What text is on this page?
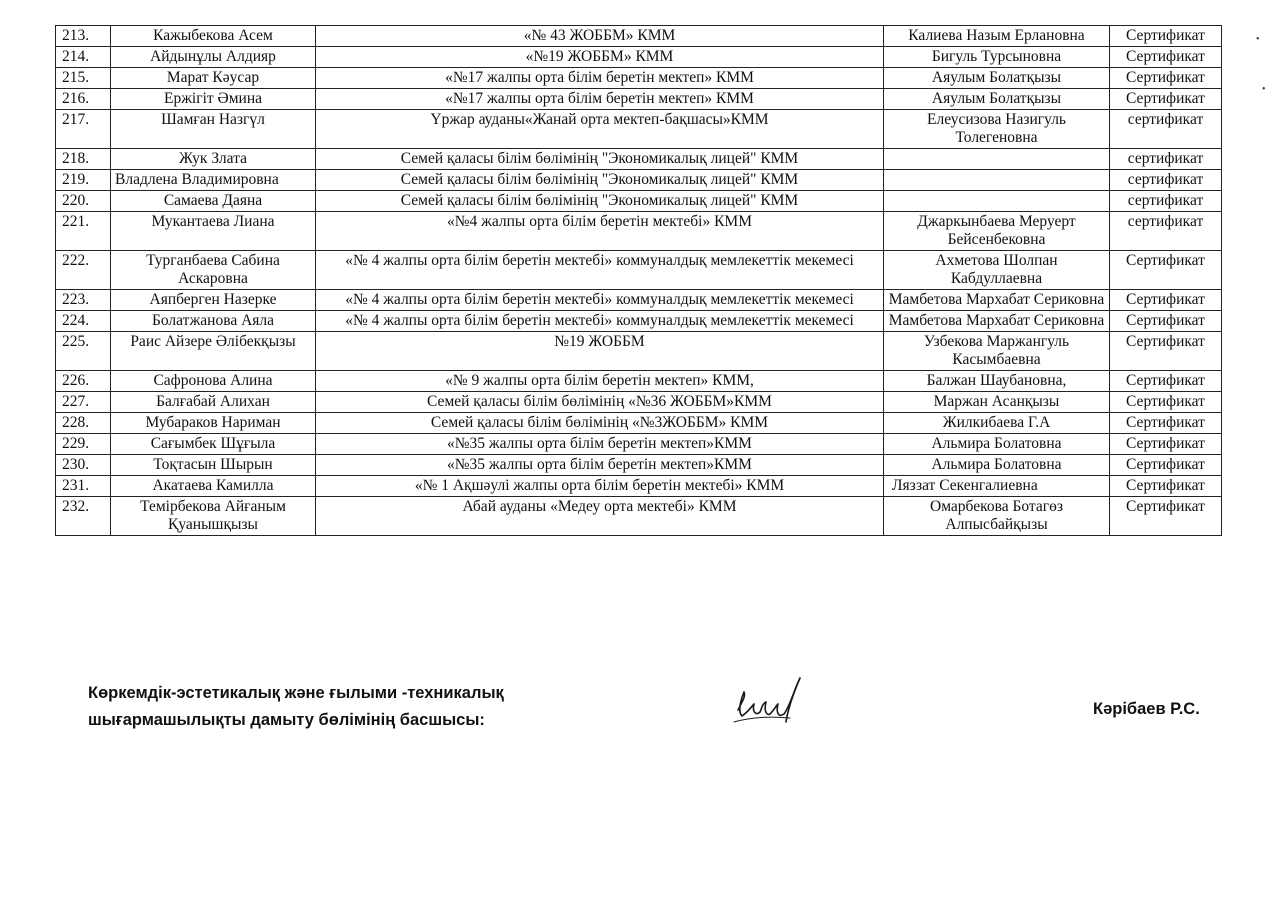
213.	Кажыбекова Асем	«№ 43 ЖОББМ» КММ	Калиева Назым Ерлановна	Сертификат
214.	Айдынұлы Алдияр	«№19 ЖОББМ» КММ	Бигуль Турсыновна	Сертификат
215.	Марат Кәусар	«№17 жалпы орта білім беретін мектеп» КММ	Аяулым Болатқызы	Сертификат
216.	Ержігіт Әмина	«№17 жалпы орта білім беретін мектеп» КММ	Аяулым Болатқызы	Сертификат
217.	Шамған Назгүл	Үржар ауданы«Жанай орта мектеп-бақшасы»КММ	Елеусизова Назигуль Толегеновна	сертификат
218.	Жук Злата	Семей қаласы білім бөлімінің "Экономикалық лицей" КММ		сертификат
219.	Владлена Владимировна	Семей қаласы білім бөлімінің "Экономикалық лицей" КММ		сертификат
220.	Самаева Даяна	Семей қаласы білім бөлімінің "Экономикалық лицей" КММ		сертификат
221.	Мукантаева Лиана	«№4 жалпы орта білім беретін мектебі» КММ	Джаркынбаева Меруерт Бейсенбековна	сертификат
222.	Турганбаева Сабина Аскаровна	«№ 4 жалпы орта білім беретін мектебі» коммуналдық мемлекеттік мекемесі	Ахметова Шолпан Кабдуллаевна	Сертификат
223.	Аяпберген Назерке	«№ 4 жалпы орта білім беретін мектебі» коммуналдық мемлекеттік мекемесі	Мамбетова Мархабат Сериковна	Сертификат
224.	Болатжанова Аяла	«№ 4 жалпы орта білім беретін мектебі» коммуналдық мемлекеттік мекемесі	Мамбетова Мархабат Сериковна	Сертификат
225.	Раис Айзере Әлібекқызы	№19 ЖОББМ	Узбекова Маржангуль Касымбаевна	Сертификат
226.	Сафронова Алина	«№ 9 жалпы орта білім беретін мектеп» КММ,	Балжан Шаубановна,	Сертификат
227.	Балғабай Алихан	Семей қаласы білім бөлімінің «№36 ЖОББМ»КММ	Маржан Асанқызы	Сертификат
228.	Мубараков Нариман	Семей қаласы білім бөлімінің «№3ЖОББМ» КММ	Жилкибаева Г.А	Сертификат
229.	Сағымбек Шұғыла	«№35 жалпы орта білім беретін мектеп»КММ	Альмира Болатовна	Сертификат
230.	Тоқтасын Шырын	«№35 жалпы орта білім беретін мектеп»КММ	Альмира Болатовна	Сертификат
231.	Акатаева Камилла	«№ 1 Ақшәулі жалпы орта білім беретін мектебі» КММ	Ляззат Секенгалиевна	Сертификат
232.	Темірбекова Айғаным Қуанышқызы	Абай ауданы «Медеу орта мектебі» КММ	Омарбекова Ботагөз Алпысбайқызы	Сертификат
Көркемдік-эстетикалық және ғылыми -техникалық
шығармашылықты дамыту бөлімінің басшысы:
Кәрібаев Р.С.
•
•
